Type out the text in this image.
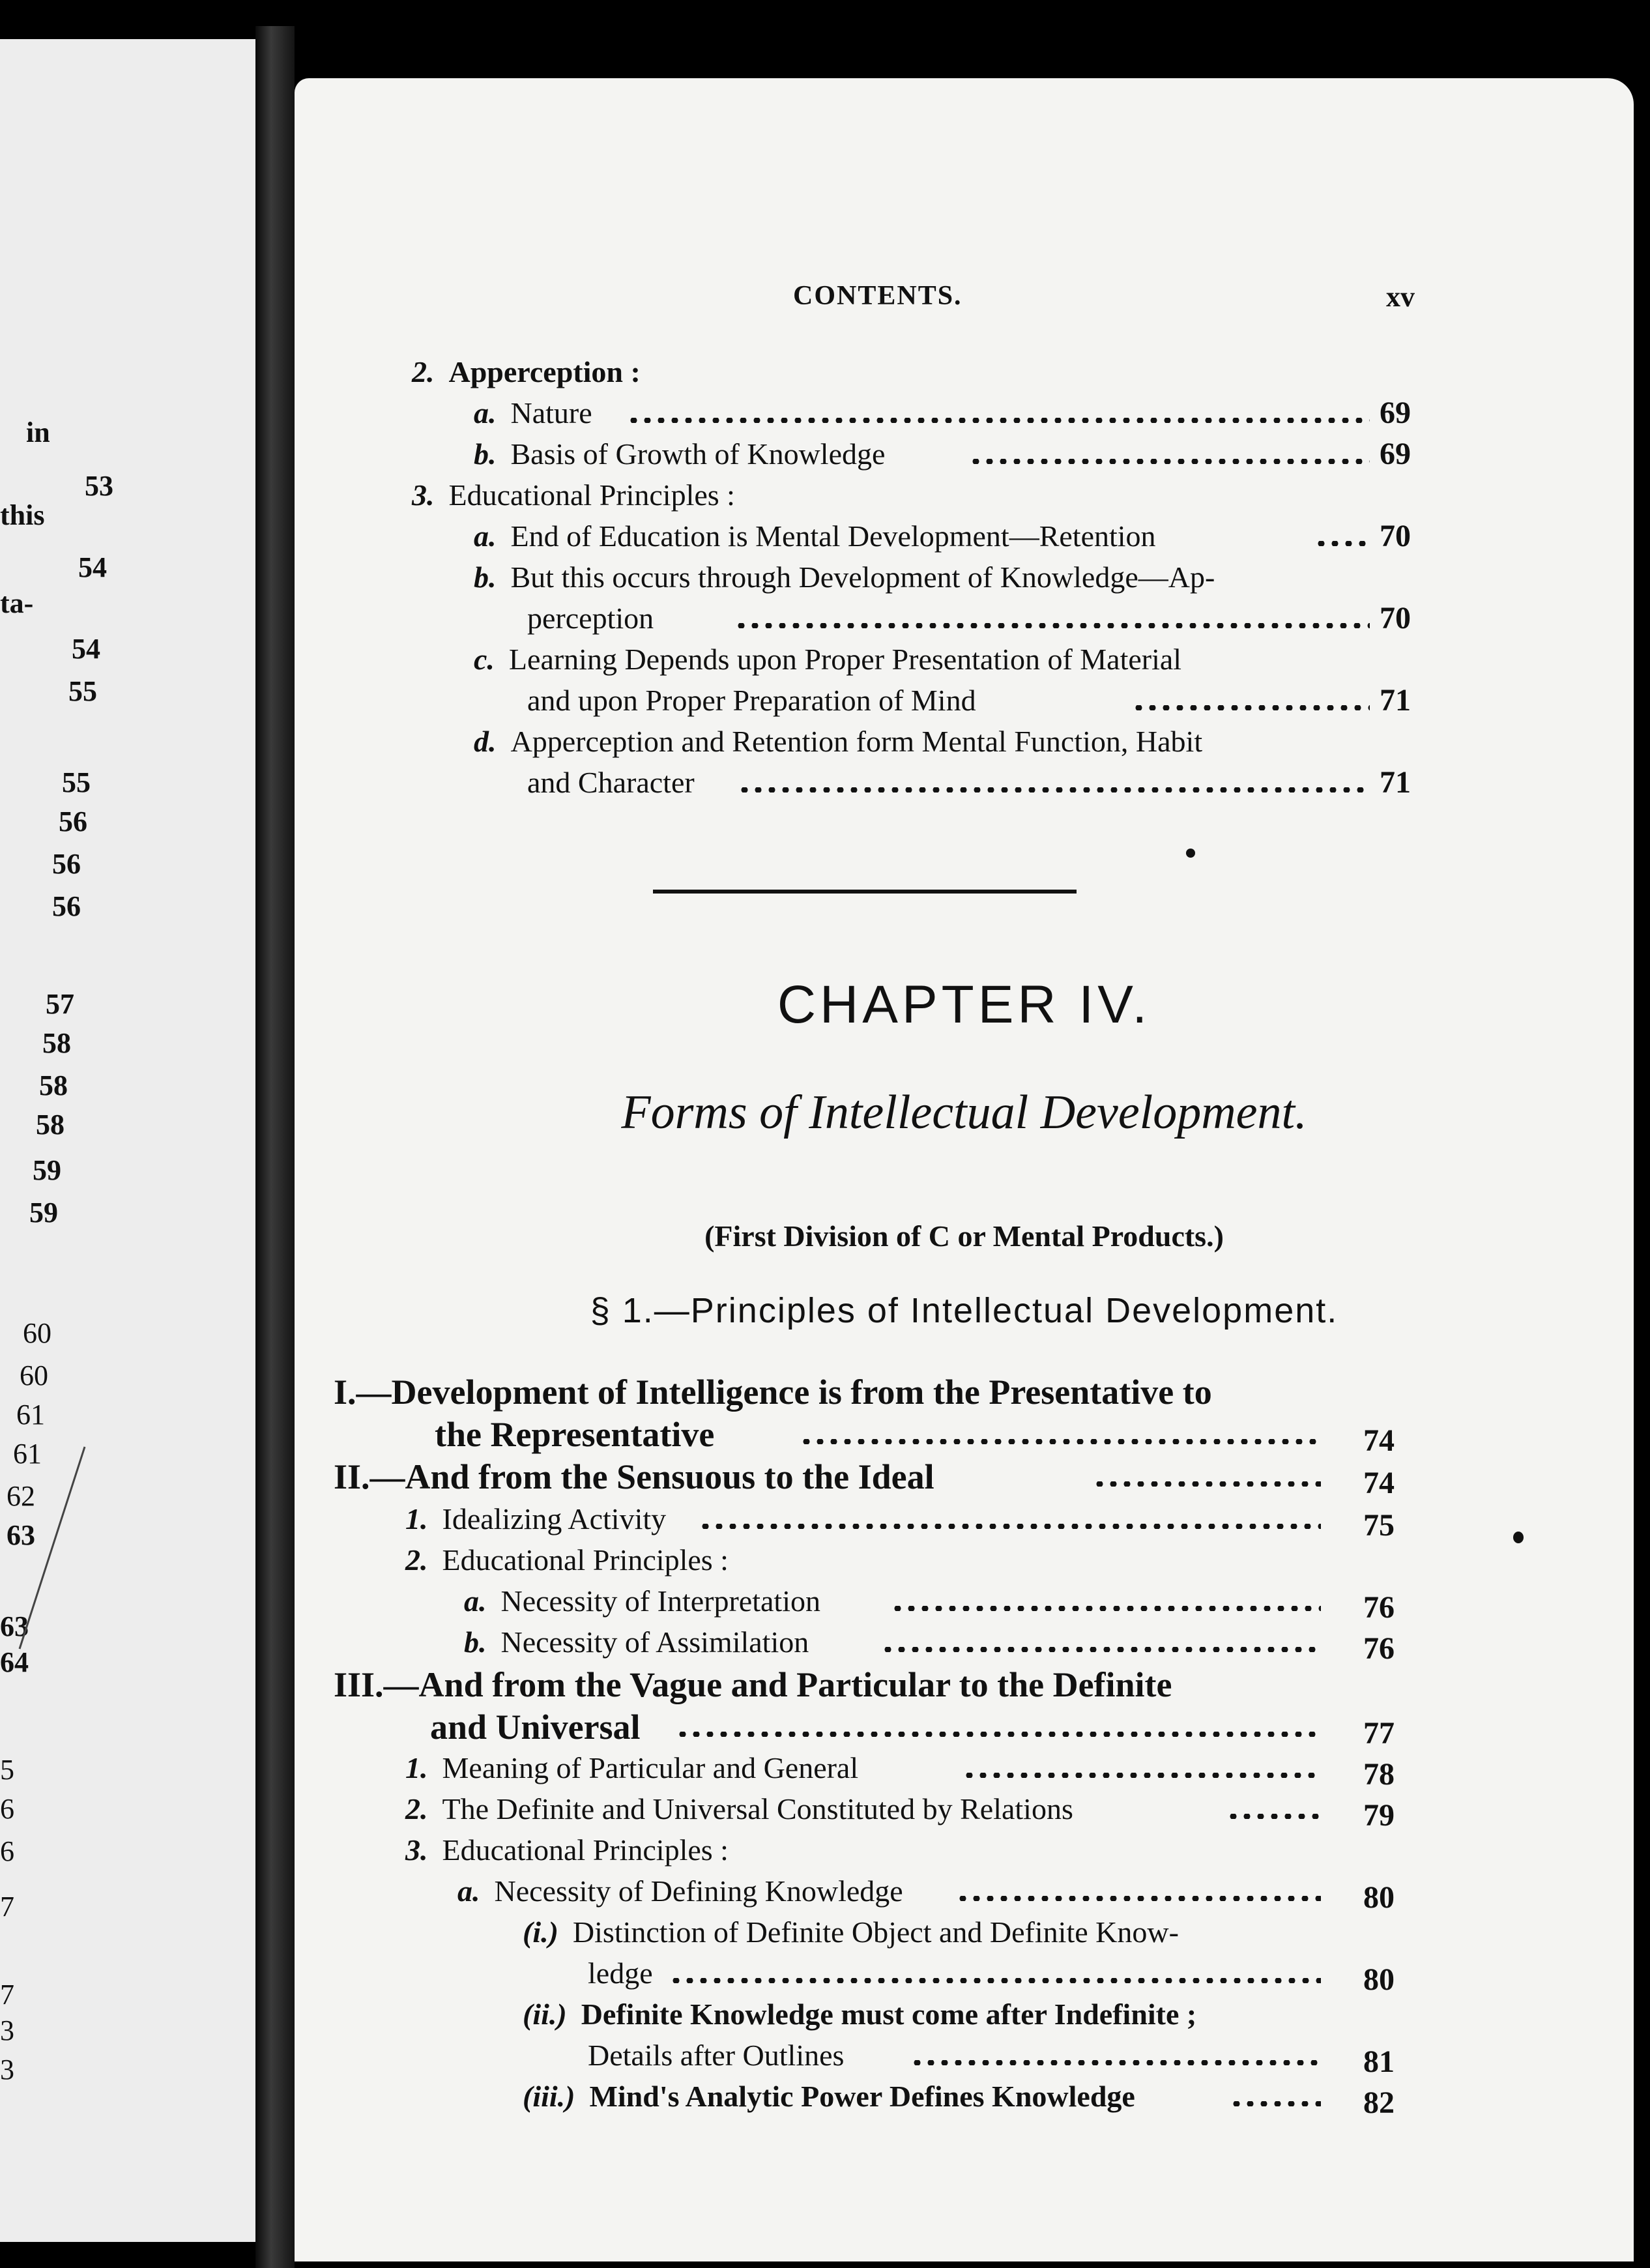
in
53
this
54
ta-
54
55
55
56
56
56
57
58
58
58
59
59
60
60
61
61
62
63
63
64
5
6
6
7
7
3
3
CONTENTS.	xv
2. Apperception :
a. Nature	69
b. Basis of Growth of Knowledge	69
3. Educational Principles :
a. End of Education is Mental Development—Retention	70
b. But this occurs through Development of Knowledge—Ap-
perception	70
c. Learning Depends upon Proper Presentation of Material
and upon Proper Preparation of Mind	71
d. Apperception and Retention form Mental Function, Habit
and Character	71
CHAPTER IV.
Forms of Intellectual Development.
(First Division of C or Mental Products.)
§ 1.—Principles of Intellectual Development.
I.—Development of Intelligence is from the Presentative to
the Representative	74
II.—And from the Sensuous to the Ideal	74
1. Idealizing Activity	75
2. Educational Principles :
a. Necessity of Interpretation	76
b. Necessity of Assimilation	76
III.—And from the Vague and Particular to the Definite
and Universal	77
1. Meaning of Particular and General	78
2. The Definite and Universal Constituted by Relations	79
3. Educational Principles :
a. Necessity of Defining Knowledge	80
(i.) Distinction of Definite Object and Definite Know-
ledge	80
(ii.) Definite Knowledge must come after Indefinite ;
Details after Outlines	81
(iii.) Mind's Analytic Power Defines Knowledge	82
